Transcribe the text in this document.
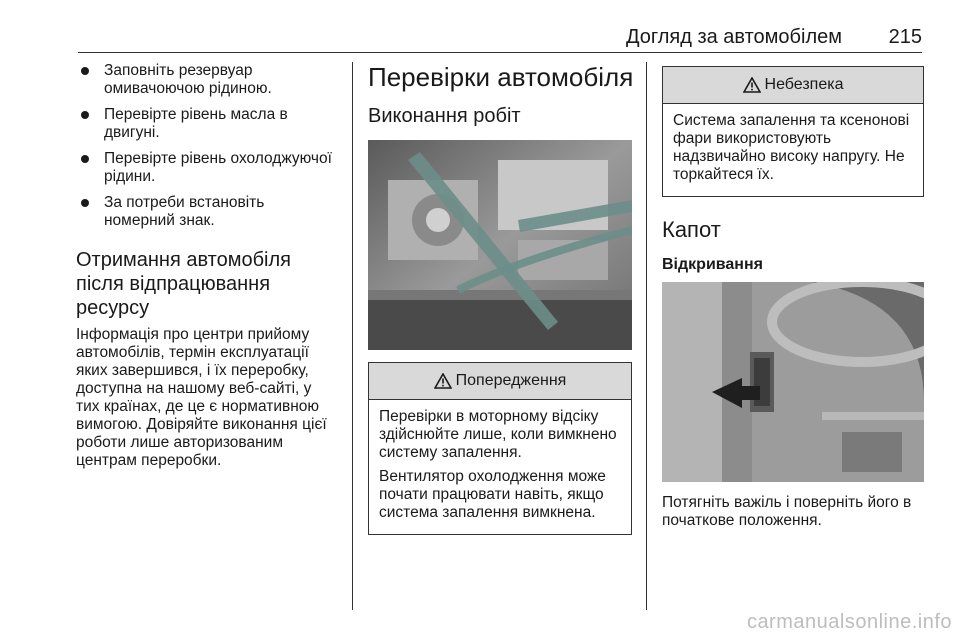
Догляд за автомобілем 215
Заповніть резервуар омивачоючою рідиною.
Перевірте рівень масла в двигуні.
Перевірте рівень охолоджуючої рідини.
За потреби встановіть номерний знак.
Отримання автомобіля після відпрацювання ресурсу

Інформація про центри прийому автомобілів, термін експлуатації яких завершився, і їх переробку, доступна на нашому веб-сайті, у тих країнах, де це є нормативною вимогою. Довіряйте виконання цієї роботи лише авторизованим центрам переробки.

Перевірки автомобіля
Виконання робіт
Попередження

Перевірки в моторному відсіку здійснюйте лише, коли вимкнено систему запалення.

Вентилятор охолодження може почати працювати навіть, якщо система запалення вимкнена.

Небезпека

Система запалення та ксенонові фари використовують надзвичайно високу напругу. Не торкайтеся їх.

Капот
Відкривання

Потягніть важіль і поверніть його в початкове положення.

carmanualsonline.info
